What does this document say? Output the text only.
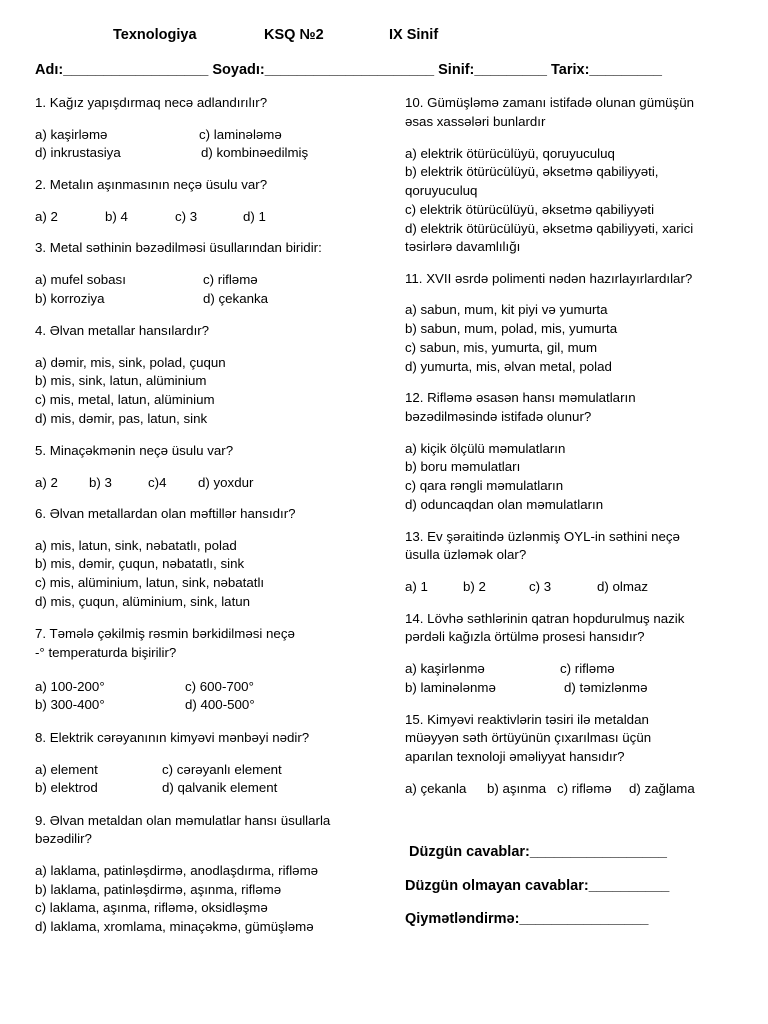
Texnologiya	KSQ №2	IX Sinif
Adı:__________________ Soyadı:_____________________ Sinif:_________ Tarix:_________
1. Kağız yapışdırmaq necə adlandırılır?
a) kaşirləmə	c) laminələmə
d) inkrustasiya	d) kombinəedilmiş
2. Metalın aşınmasının neçə üsulu var?
a) 2	b) 4	c) 3	d) 1
3. Metal səthinin bəzədilməsi üsullarından biridir:
a) mufel sobası	c) rifləmə
b) korroziya	d) çekanka
4. Əlvan metallar hansılardır?
a) dəmir, mis, sink, polad, çuqun
b) mis, sink, latun, alüminium
c) mis, metal, latun, alüminium
d) mis, dəmir, pas, latun, sink
5. Minaçəkmənin neçə üsulu var?
a) 2 b) 3	c)4 d) yoxdur
6. Əlvan metallardan olan məftillər hansıdır?
a) mis, latun, sink, nəbatatlı, polad
b) mis, dəmir, çuqun, nəbatatlı, sink
c) mis, alüminium, latun, sink, nəbatatlı
d) mis, çuqun, alüminium, sink, latun
7. Təmələ çəkilmiş rəsmin bərkidilməsi neçə
-° temperaturda bişirilir?
a) 100-200°	c) 600-700°
b) 300-400°	d) 400-500°
8. Elektrik cərəyanının kimyəvi mənbəyi nədir?
a) element	c) cərəyanlı element
b) elektrod	d) qalvanik element
9. Əlvan metaldan olan məmulatlar hansı üsullarla
bəzədilir?
a) laklama, patinləşdirmə, anodlaşdırma, rifləmə
b) laklama, patinləşdirmə, aşınma, rifləmə
c) laklama, aşınma, rifləmə, oksidləşmə
d) laklama, xromlama, minaçəkmə, gümüşləmə
10. Gümüşləmə zamanı istifadə olunan gümüşün
əsas xassələri bunlardır
a) elektrik ötürücülüyü, qoruyuculuq
b) elektrik ötürücülüyü, əksetmə qabiliyyəti,
qoruyuculuq
c) elektrik ötürücülüyü, əksetmə qabiliyyəti
d) elektrik ötürücülüyü, əksetmə qabiliyyəti, xarici
təsirlərə davamlılığı
11. XVII əsrdə polimenti nədən hazırlayırlardılar?
a) sabun, mum, kit piyi və yumurta
b) sabun, mum, polad, mis, yumurta
c) sabun, mis, yumurta, gil, mum
d) yumurta, mis, əlvan metal, polad
12. Rifləmə əsasən hansı məmulatların
bəzədilməsində istifadə olunur?
a) kiçik ölçülü məmulatların
b) boru məmulatları
c) qara rəngli məmulatların
d) oduncaqdan olan məmulatların
13. Ev şəraitində üzlənmiş OYL-in səthini neçə
üsulla üzləmək olar?
a) 1	b) 2	c) 3	d) olmaz
14. Lövhə səthlərinin qatran hopdurulmuş nazik
pərdəli kağızla örtülmə prosesi hansıdır?
a) kaşirlənmə	c) rifləmə
b) laminələnmə	d) təmizlənmə
15. Kimyəvi reaktivlərin təsiri ilə metaldan
müəyyən səth örtüyünün çıxarılması üçün
aparılan texnoloji əməliyyat hansıdır?
a) çekanla b) aşınma c) rifləmə d) zağlama
Düzgün cavablar:_________________
Düzgün olmayan cavablar:__________
Qiymətləndirmə:________________
